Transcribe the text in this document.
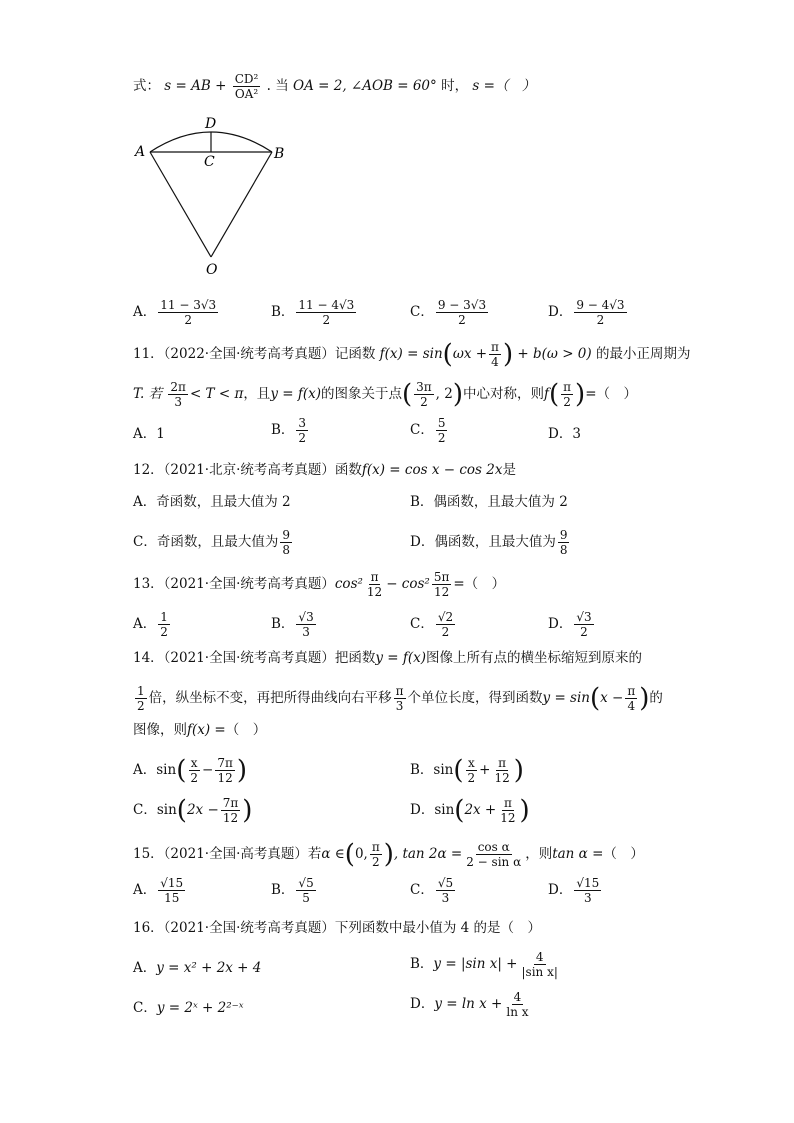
式： s = AB + $\frac{\text{CD²}}{\text{OA²}}$ . 当 OA = 2, ∠AOB = 60° 时， s =（　）
A	B
C
D
O
A． $\frac{11 - 3√3}{2}$	B． $\frac{11 - 4√3}{2}$	C． $\frac{9 - 3√3}{2}$	D． $\frac{9 - 4√3}{2}$
11．（2022·全国·统考高考真题）记函数 $f(x) = \sin(\omega x + \frac{\pi}{4}$ ) + b(ω > 0) 的最小正周期为
T. 若 $\frac{2\pi}{3} < T < \pi$，且y = f(x)的图象关于点( $\frac{3\pi}{2}$ , 2)中心对称，则$f( \frac{\pi}{2}$ )=（　）
A．1	B． $\frac{3}{2}$	C． $\frac{5}{2}$	D．3
12．（2021·北京·统考高考真题）函数f(x) = cos x − cos 2x是
A．奇函数，且最大值为 2	B．偶函数，且最大值为 2
C．奇函数，且最大值为 $\frac{9}{8}$	D．偶函数，且最大值为 $\frac{9}{8}$
13．（2021·全国·统考高考真题）$\cos^2 \frac{\pi}{12} - \cos^2 \frac{5\pi}{12}$ =（　）
A． $\frac{1}{2}$	B． $\frac{√3}{3}$	C． $\frac{√2}{2}$	D． $\frac{√3}{2}$
14．（2021·全国·统考高考真题）把函数y = f(x)图像上所有点的横坐标缩短到原来的
$\frac{1}{2}$ 倍，纵坐标不变，再把所得曲线向右平移 $\frac{\pi}{3}$ 个单位长度，得到函数$y = \sin(x - \frac{\pi}{4}$ )的
图像，则f(x) =（　）
A．$\sin( \frac{x}{2} - \frac{7\pi}{12}$ )	B．$\sin( \frac{x}{2} + \frac{\pi}{12}$ )
C．$\sin(2x - \frac{7\pi}{12}$ )	D．$\sin(2x + \frac{\pi}{12}$ )
15．（2021·全国·高考真题）若α ∈(0, $\frac{\pi}{2}$ ), $\tan 2\alpha = \frac{\text{cos α}}{\text{2 − sin α}}$ ，则tan α =（　）
A． $\frac{√15}{15}$	B． $\frac{√5}{5}$	C． $\frac{√5}{3}$	D． $\frac{√15}{3}$
16．（2021·全国·统考高考真题）下列函数中最小值为 4 的是（　）
A．y = x² + 2x + 4	B．y = |sin $x| + \frac{4}{\text{|sin x|}}$
C．y = 2ˣ + 2²⁻ˣ	D．$y = \ln x + \frac{4}{\text{ln x}}$
